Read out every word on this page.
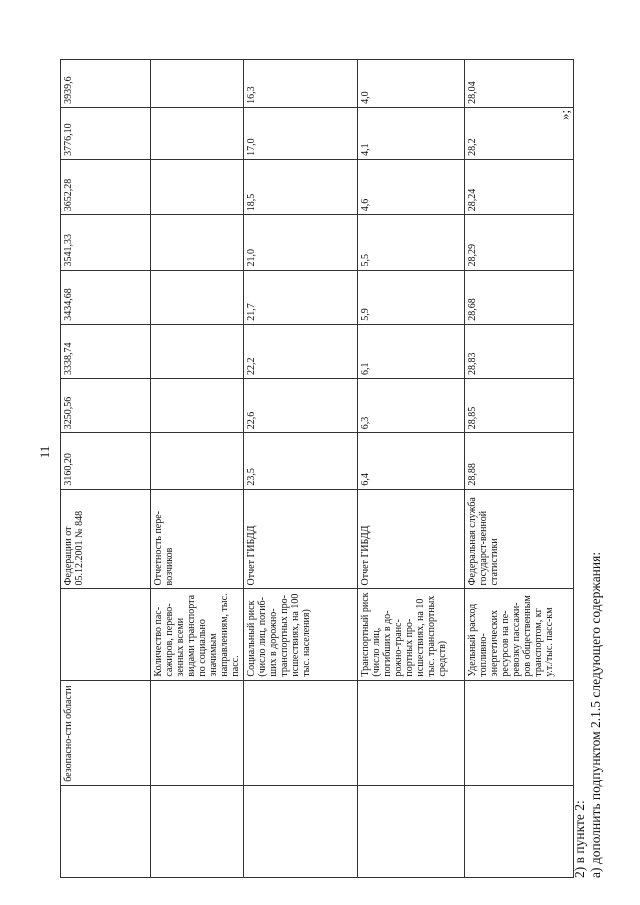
11
	безопасно-сти области		Федерации от 05.12.2001 № 848	3160,20	3250,56	3338,74	3434,68	3541,33	3652,28	3776,10	3939,6
		Количество пас-сажиров, перево-зенных всеми видами транспорта по социально значимым направлениям, тыс. пасс.	Отчетность пере-возчиков								
		Социальный риск (число лиц, погиб-ших в дорожно-транспортных про-исшествиях, на 100 тыс. населения)	Отчет ГИБДД	23,5	22,6	22,2	21,7	21,0	18,5	17,0	16,3
		Транспортный риск (число лиц, погибших в до-рожно-транс-портных про-исшествиях, на 10 тыс. транспортных средств)	Отчет ГИБДД	6,4	6,3	6,1	5,9	5,5	4,6	4,1	4,0
		Удельный расход топливно-энергетических ресурсов на пе-ревозку пассажи-ров общественным транспортом, кг у.т./тыс. пасс-км	Федеральная служба государст-венной статистики	28,88	28,85	28,83	28,68	28,29	28,24	28,2	28,04
»;
2) в пункте 2: а) дополнить подпунктом 2.1.5 следующего содержания:
